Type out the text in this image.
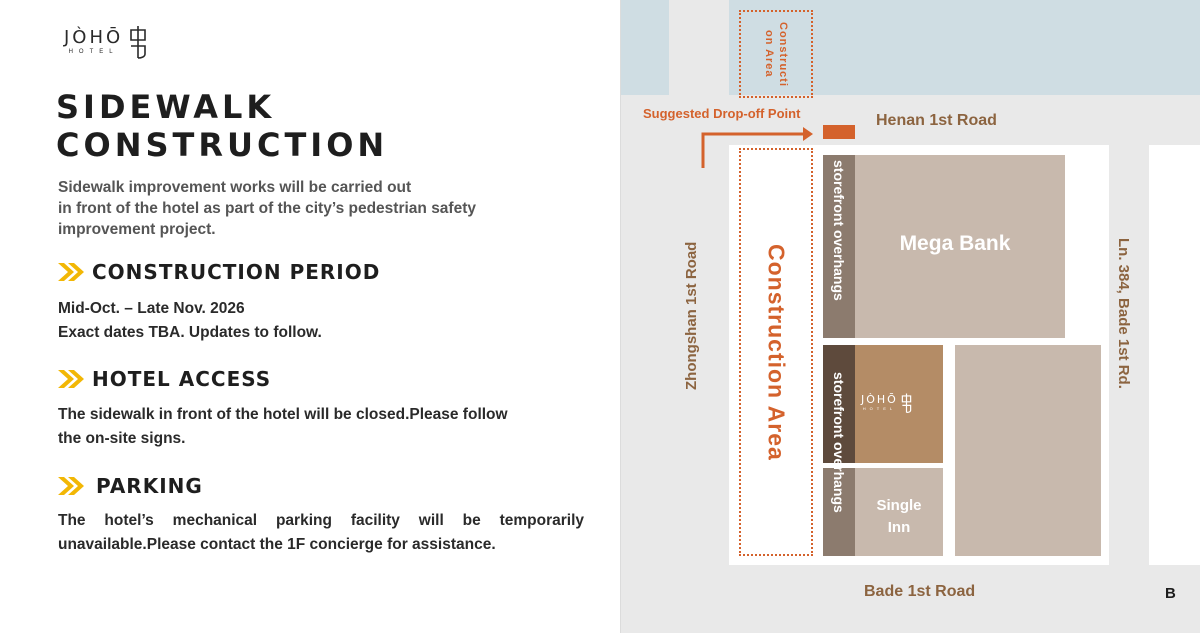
JÒHŌ
HOTEL
SIDEWALK
CONSTRUCTION
Sidewalk improvement works will be carried out
in front of the hotel as part of the city’s pedestrian safety
improvement project.
CONSTRUCTION PERIOD
Mid-Oct. – Late Nov. 2026
Exact dates TBA. Updates to follow.
HOTEL ACCESS
The sidewalk in front of the hotel will be closed.Please follow
the on-site signs.
PARKING
The hotel’s mechanical parking facility will be temporarily
unavailable.Please contact the 1F concierge for assistance.
Constructi
on Area
Henan 1st Road
Zhongshan 1st Road
Bade 1st Road
Ln. 384, Bade 1st Rd.
Suggested Drop-off Point
Construction Area
storefront overhangs
storefront overhangs
Mega Bank
JÒHŌ
HOTEL
Single
Inn
B
